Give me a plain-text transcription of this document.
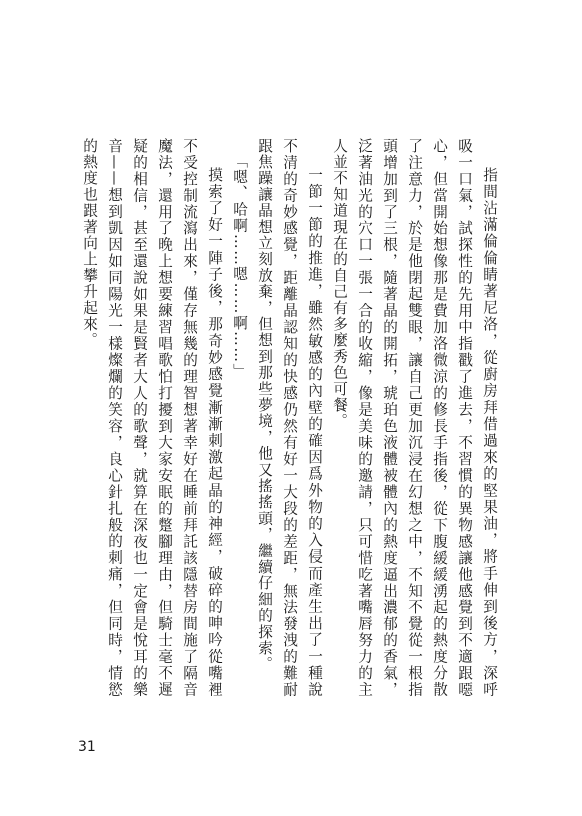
指間沾滿倫倫睛著尼洛，從廚房拜借過來的堅果油，將手伸到後方，深呼吸一口氣，試探性的先用中指戳了進去，不習慣的異物感讓他感覺到不適跟噁心，但當開始想像那是費加洛微涼的修長手指後，從下腹緩緩湧起的熱度分散了注意力，於是他閉起雙眼，讓自己更加沉浸在幻想之中，不知不覺從一根指頭增加到了三根，隨著晶的開拓，琥珀色液體被體內的熱度逼出濃郁的香氣，泛著油光的穴口一張一合的收縮，像是美味的邀請，只可惜吃著嘴唇努力的主人並不知道現在的自己有多麼秀色可餐。

一節一節的推進，雖然敏感的內壁的確因爲外物的入侵而產生出了一種說不清的奇妙感覺，距離晶認知的快感仍然有好一大段的差距，無法發洩的難耐跟焦躁讓晶想立刻放棄，但想到那些夢境，他又搖搖頭，繼續仔細的探索。

「嗯、哈啊……嗯……啊……」

摸索了好一陣子後，那奇妙感覺漸漸刺激起晶的神經，破碎的呻吟從嘴裡不受控制流瀉出來，僅存無幾的理智想著幸好在睡前拜託該隱替房間施了隔音魔法，還用了晚上想要練習唱歌怕打擾到大家安眠的蹩腳理由，但騎士毫不遲疑的相信，甚至還說如果是賢者大人的歌聲，就算在深夜也一定會是悅耳的樂音——想到凱因如同陽光一樣燦爛的笑容，良心針扎般的刺痛，但同時，情慾的熱度也跟著向上攀升起來。

31
